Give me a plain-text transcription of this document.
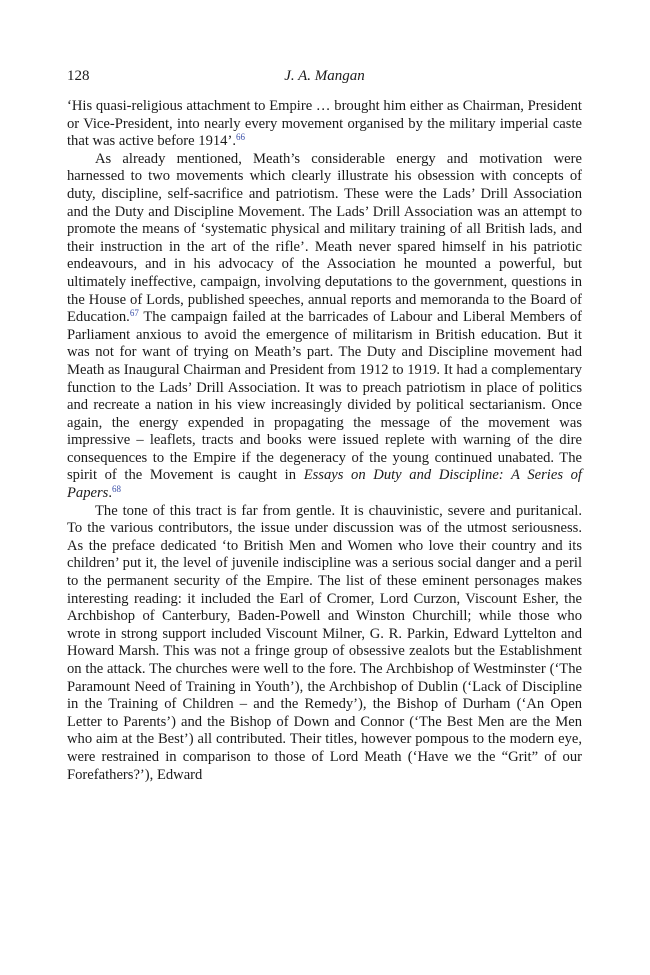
128	J. A. Mangan

‘His quasi-religious attachment to Empire … brought him either as Chairman, President or Vice-President, into nearly every movement organised by the military imperial caste that was active before 1914’.$^{66}$

As already mentioned, Meath’s considerable energy and motivation were harnessed to two movements which clearly illustrate his obsession with concepts of duty, discipline, self-sacrifice and patriotism. These were the Lads’ Drill Association and the Duty and Discipline Movement. The Lads’ Drill Association was an attempt to promote the means of ‘systematic physical and military training of all British lads, and their instruction in the art of the rifle’. Meath never spared himself in his patriotic endeavours, and in his advocacy of the Association he mounted a powerful, but ultimately ineffective, campaign, involving deputations to the government, questions in the House of Lords, published speeches, annual reports and memoranda to the Board of Education.$^{67}$ The campaign failed at the barricades of Labour and Liberal Members of Parliament anxious to avoid the emergence of militarism in British education. But it was not for want of trying on Meath’s part. The Duty and Discipline movement had Meath as Inaugural Chairman and President from 1912 to 1919. It had a complementary function to the Lads’ Drill Association. It was to preach patriotism in place of politics and recreate a nation in his view increasingly divided by political sectarianism. Once again, the energy expended in propagating the message of the movement was impressive – leaflets, tracts and books were issued replete with warning of the dire consequences to the Empire if the degeneracy of the young continued unabated. The spirit of the Movement is caught in Essays on Duty and Discipline: A Series of Papers.$^{68}$

The tone of this tract is far from gentle. It is chauvinistic, severe and puritanical. To the various contributors, the issue under discussion was of the utmost seriousness. As the preface dedicated ‘to British Men and Women who love their country and its children’ put it, the level of juvenile indiscipline was a serious social danger and a peril to the permanent security of the Empire. The list of these eminent personages makes interesting reading: it included the Earl of Cromer, Lord Curzon, Viscount Esher, the Archbishop of Canterbury, Baden-Powell and Winston Churchill; while those who wrote in strong support included Viscount Milner, G. R. Parkin, Edward Lyttelton and Howard Marsh. This was not a fringe group of obsessive zealots but the Establishment on the attack. The churches were well to the fore. The Archbishop of Westminster (‘The Paramount Need of Training in Youth’), the Archbishop of Dublin (‘Lack of Discipline in the Training of Children – and the Remedy’), the Bishop of Durham (‘An Open Letter to Parents’) and the Bishop of Down and Connor (‘The Best Men are the Men who aim at the Best’) all contributed. Their titles, however pompous to the modern eye, were restrained in comparison to those of Lord Meath (‘Have we the “Grit” of our Forefathers?’), Edward
